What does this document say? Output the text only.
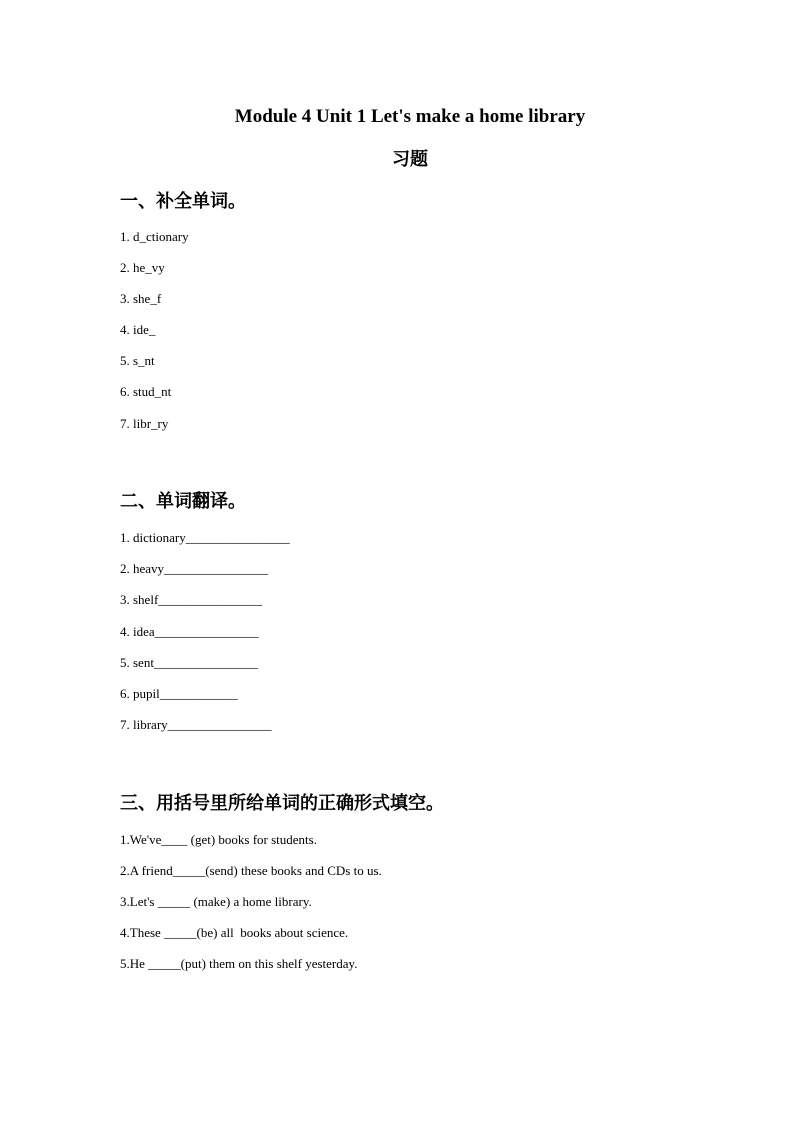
Module 4 Unit 1 Let's make a home library
习题
一、补全单词。
1. d_ctionary
2. he_vy
3. she_f
4. ide_
5. s_nt
6. stud_nt
7. libr_ry
二、单词翻译。
1. dictionary________________
2. heavy________________
3. shelf________________
4. idea________________
5. sent________________
6. pupil____________
7. library________________
三、用括号里所给单词的正确形式填空。
1.We've____ (get) books for students.
2.A friend_____(send) these books and CDs to us.
3.Let's _____ (make) a home library.
4.These _____(be) all  books about science.
5.He _____(put) them on this shelf yesterday.
